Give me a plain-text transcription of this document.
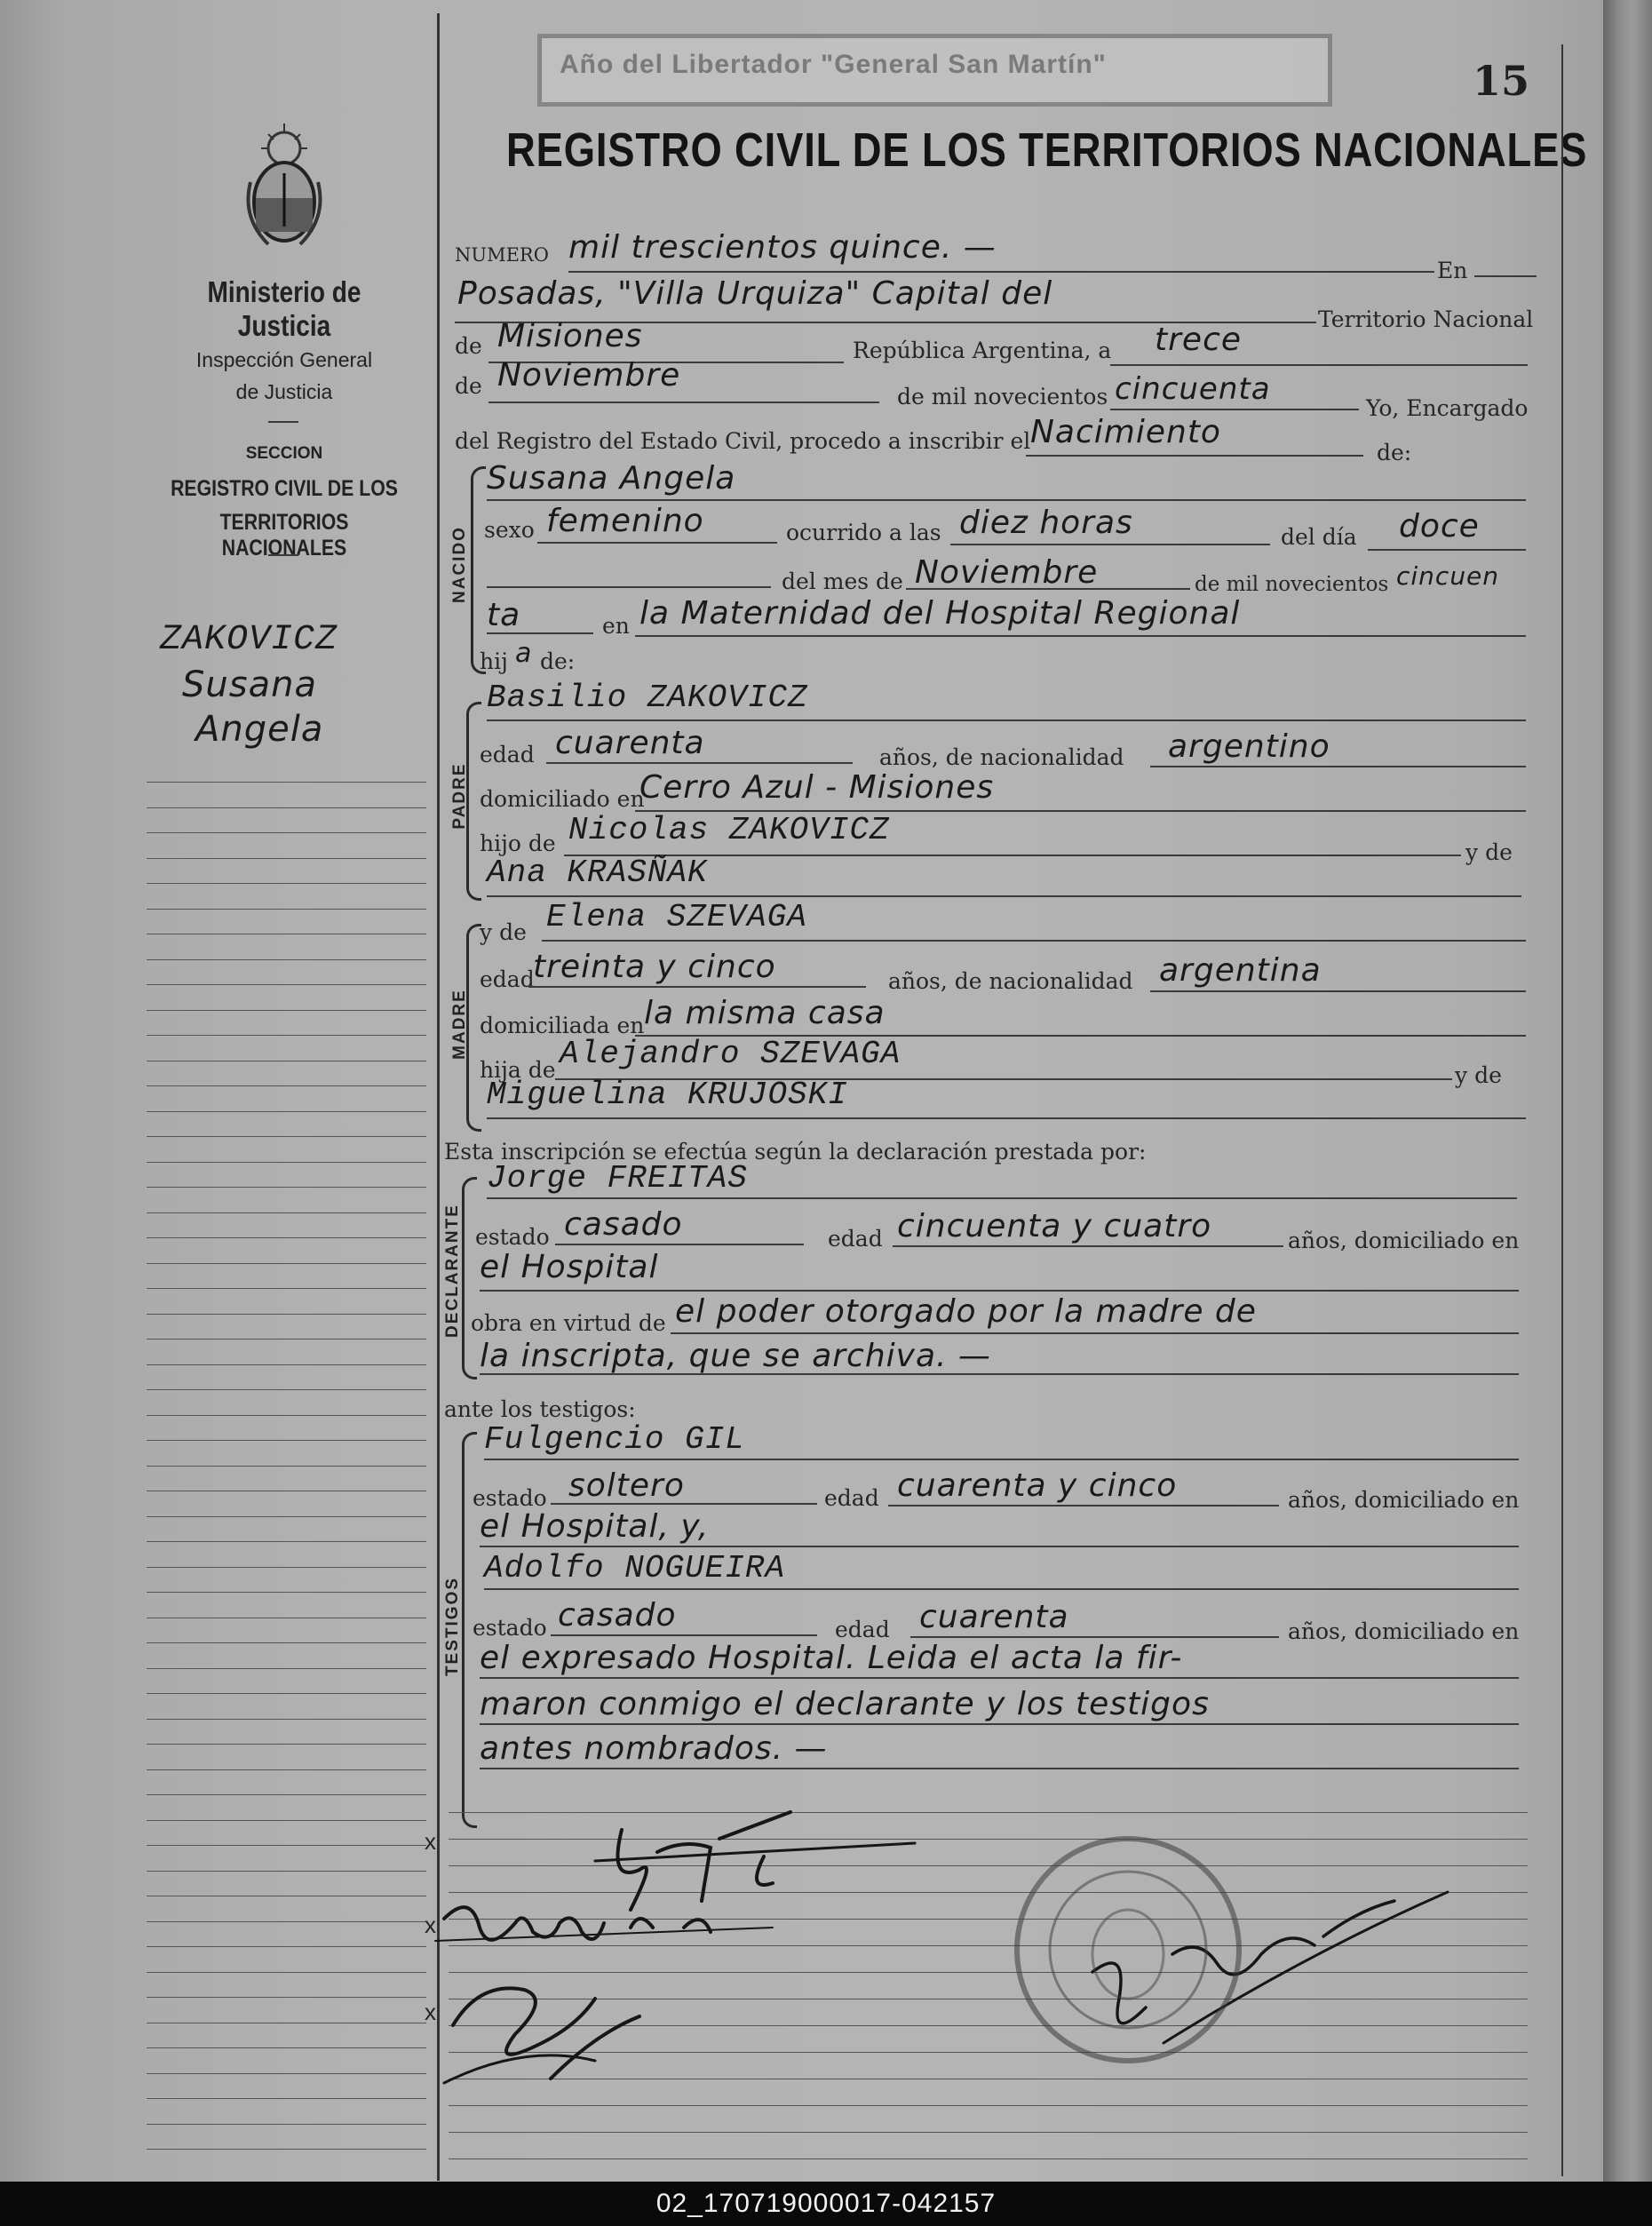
Año del Libertador "General San Martín"	15
REGISTRO CIVIL DE LOS TERRITORIOS NACIONALES
Ministerio de Justicia
Inspección General
de Justicia
SECCION
REGISTRO CIVIL DE LOS
TERRITORIOS NACIONALES
ZAKOVICZ
Susana
Angela
NUMERO mil trescientos quince. —
En
Posadas, "Villa Urquiza" Capital del
Territorio Nacional
de Misiones	República Argentina, a trece
de Noviembre
de mil novecientos cincuenta
Yo, Encargado
del Registro del Estado Civil, procedo a inscribir el Nacimiento
de:
NACIDO
Susana Angela
sexo femenino	ocurrido a las diez horas	del día doce
del mes de Noviembre	de mil novecientos cincuen
ta	en la Maternidad del Hospital Regional
hij a de:
PADRE
Basilio ZAKOVICZ
edad cuarenta	años, de nacionalidad argentino
domiciliado en
Cerro Azul - Misiones
hijo de Nicolas ZAKOVICZ
y de
Ana KRASÑAK
MADRE
y de Elena SZEVAGA
edad
treinta y cinco	años, de nacionalidad argentina
domiciliada en la misma casa
hija de Alejandro SZEVAGA
y de
Miguelina KRUJOSKI
Esta inscripción se efectúa según la declaración prestada por:
DECLARANTE
Jorge FREITAS
estado casado	edad cincuenta y cuatro	años, domiciliado en
el Hospital
obra en virtud de el poder otorgado por la madre de
la inscripta, que se archiva. —
ante los testigos:
TESTIGOS
Fulgencio GIL
estado soltero	edad cuarenta y cinco	años, domiciliado en
el Hospital, y,
Adolfo NOGUEIRA
estado casado	edad cuarenta	años, domiciliado en
el expresado Hospital. Leida el acta la fir-
maron conmigo el declarante y los testigos
antes nombrados. —
x
x
x
02_170719000017-042157
